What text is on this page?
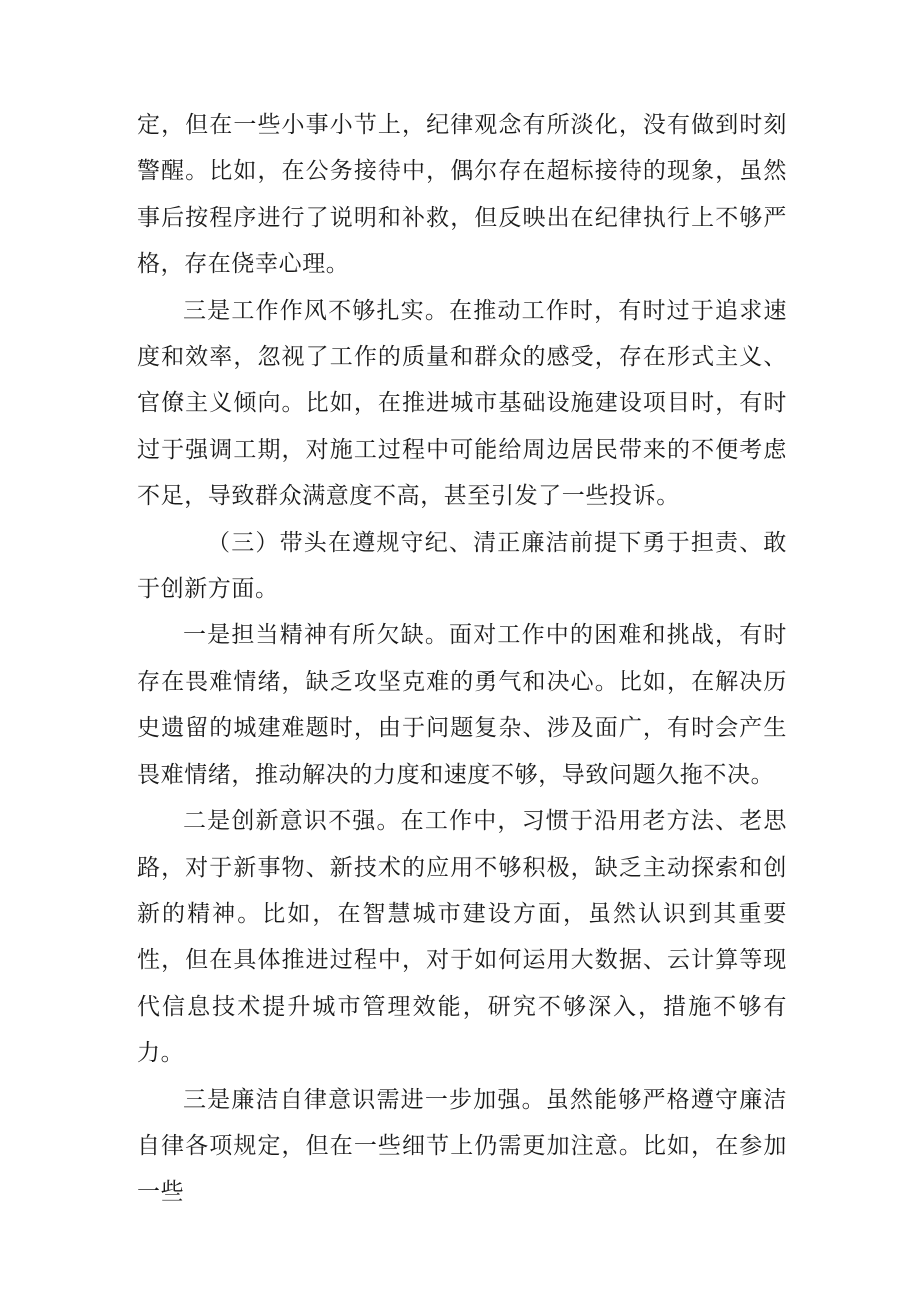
定，但在一些小事小节上，纪律观念有所淡化，没有做到时刻警醒。比如，在公务接待中，偶尔存在超标接待的现象，虽然事后按程序进行了说明和补救，但反映出在纪律执行上不够严格，存在侥幸心理。

三是工作作风不够扎实。在推动工作时，有时过于追求速度和效率，忽视了工作的质量和群众的感受，存在形式主义、官僚主义倾向。比如，在推进城市基础设施建设项目时，有时过于强调工期，对施工过程中可能给周边居民带来的不便考虑不足，导致群众满意度不高，甚至引发了一些投诉。

（三）带头在遵规守纪、清正廉洁前提下勇于担责、敢于创新方面。

一是担当精神有所欠缺。面对工作中的困难和挑战，有时存在畏难情绪，缺乏攻坚克难的勇气和决心。比如，在解决历史遗留的城建难题时，由于问题复杂、涉及面广，有时会产生畏难情绪，推动解决的力度和速度不够，导致问题久拖不决。

二是创新意识不强。在工作中，习惯于沿用老方法、老思路，对于新事物、新技术的应用不够积极，缺乏主动探索和创新的精神。比如，在智慧城市建设方面，虽然认识到其重要性，但在具体推进过程中，对于如何运用大数据、云计算等现代信息技术提升城市管理效能，研究不够深入，措施不够有力。

三是廉洁自律意识需进一步加强。虽然能够严格遵守廉洁自律各项规定，但在一些细节上仍需更加注意。比如，在参加一些
